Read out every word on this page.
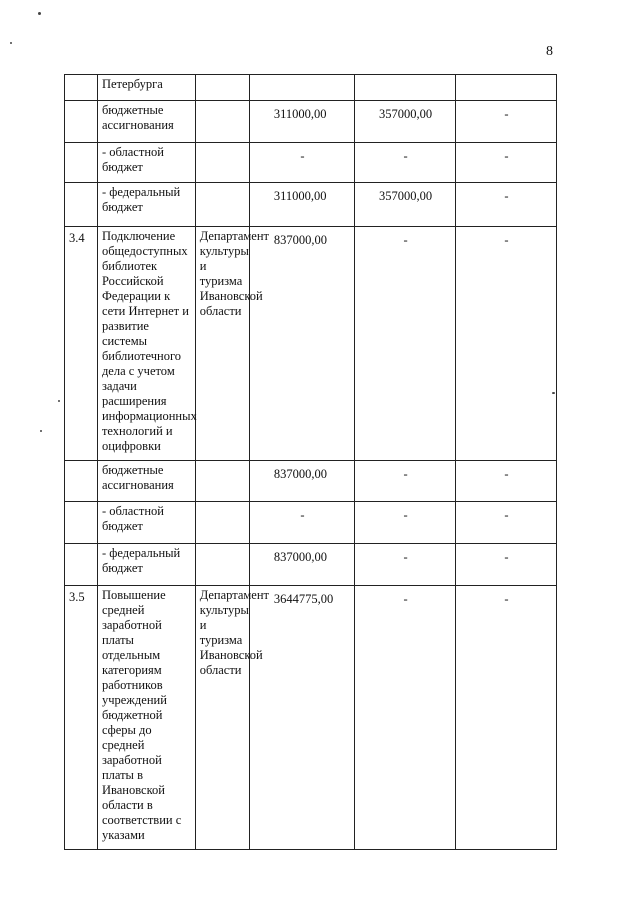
8
	Петербурга				
	бюджетные ассигнования		311000,00	357000,00	-
	- областной бюджет		-	-	-
	- федеральный бюджет		311000,00	357000,00	-
3.4	Подключение общедоступных библиотек Российской Федерации к сети Интернет и развитие системы библиотечного дела с учетом задачи расширения информационных технологий и оцифровки	Департамент культуры и туризма Ивановской области	837000,00	-	-
	бюджетные ассигнования		837000,00	-	-
	- областной бюджет		-	-	-
	- федеральный бюджет		837000,00	-	-
3.5	Повышение средней заработной платы отдельным категориям работников учреждений бюджетной сферы до средней заработной платы в Ивановской области в соответствии с указами	Департамент культуры и туризма Ивановской области	3644775,00	-	-
